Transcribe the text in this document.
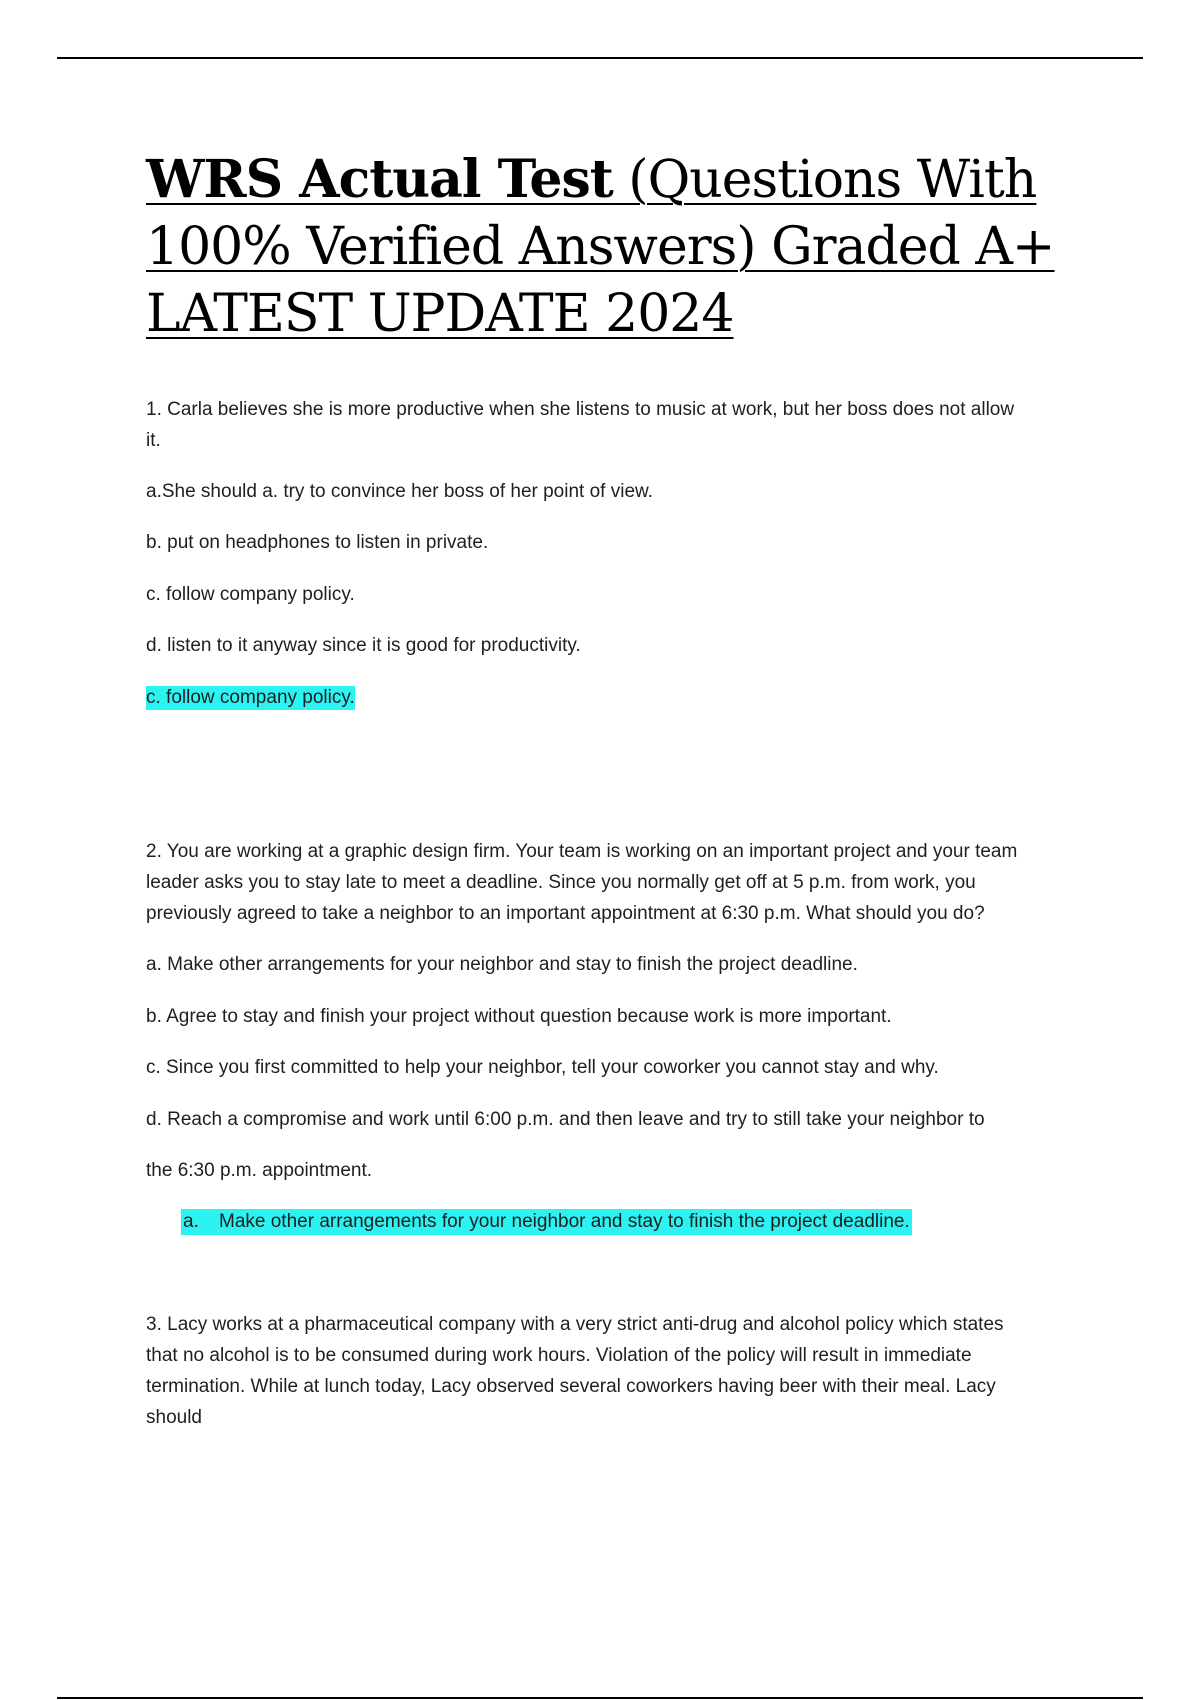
WRS Actual Test (Questions With 100% Verified Answers) Graded A+ LATEST UPDATE 2024

1. Carla believes she is more productive when she listens to music at work, but her boss does not allow

it.

a.She should a. try to convince her boss of her point of view.

b. put on headphones to listen in private.

c. follow company policy.

d. listen to it anyway since it is good for productivity.

c. follow company policy.

2. You are working at a graphic design firm. Your team is working on an important project and your team

leader asks you to stay late to meet a deadline. Since you normally get off at 5 p.m. from work, you

previously agreed to take a neighbor to an important appointment at 6:30 p.m. What should you do?

a. Make other arrangements for your neighbor and stay to finish the project deadline.

b. Agree to stay and finish your project without question because work is more important.

c. Since you first committed to help your neighbor, tell your coworker you cannot stay and why.

d. Reach a compromise and work until 6:00 p.m. and then leave and try to still take your neighbor to

the 6:30 p.m. appointment.

a. Make other arrangements for your neighbor and stay to finish the project deadline.

3. Lacy works at a pharmaceutical company with a very strict anti-drug and alcohol policy which states

that no alcohol is to be consumed during work hours. Violation of the policy will result in immediate

termination. While at lunch today, Lacy observed several coworkers having beer with their meal. Lacy

should
